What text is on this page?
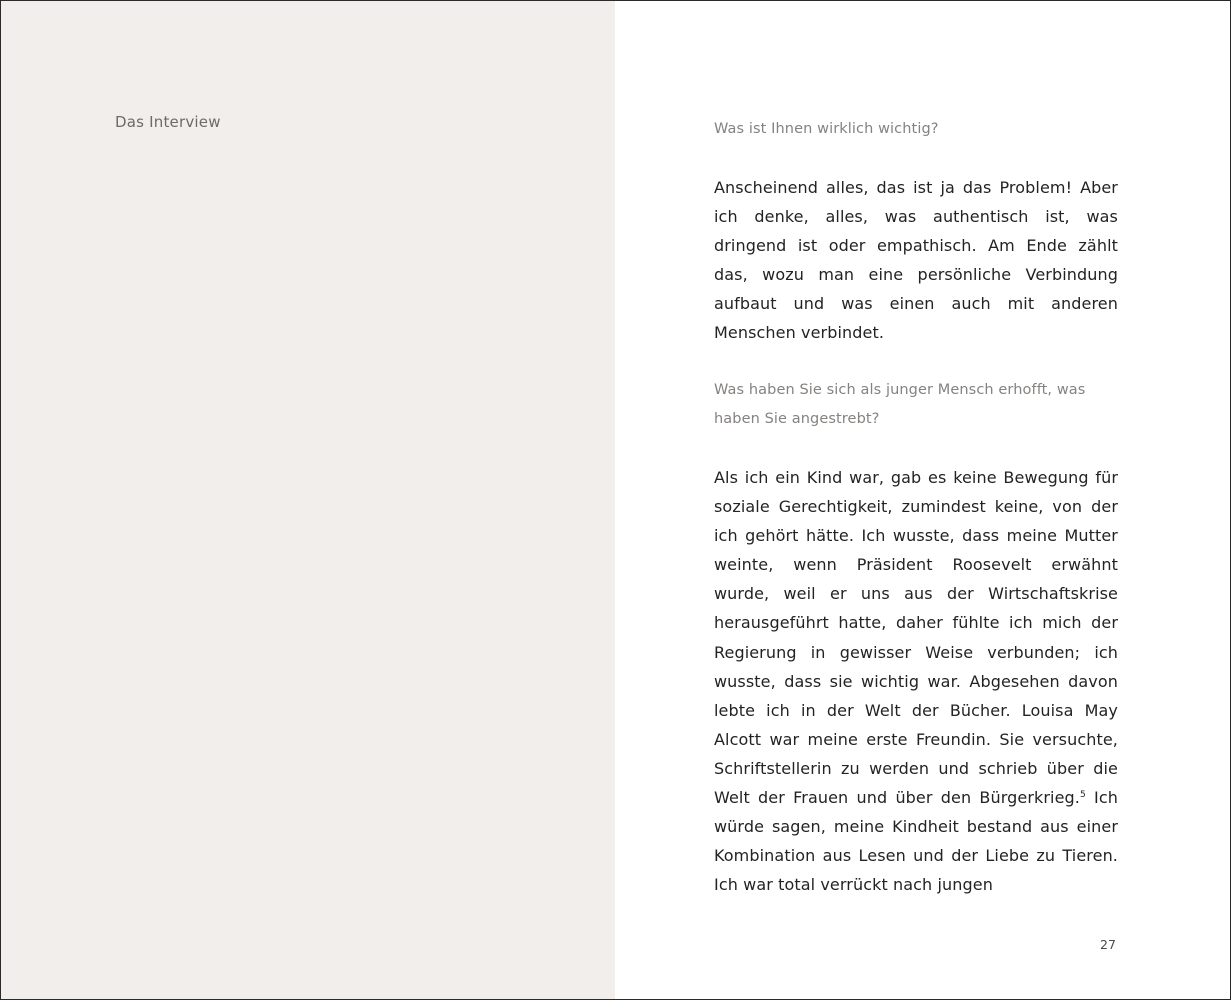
Das Interview	Was ist Ihnen wirklich wichtig?
Anscheinend alles, das ist ja das Problem! Aber ich denke, alles, was authentisch ist, was dringend ist oder empathisch. Am Ende zählt das, wozu man eine persönliche Verbindung aufbaut und was einen auch mit anderen Menschen verbindet.
Was haben Sie sich als junger Mensch erhofft, was haben Sie angestrebt?
Als ich ein Kind war, gab es keine Bewegung für soziale Gerechtigkeit, zumindest keine, von der ich gehört hätte. Ich wusste, dass meine Mutter weinte, wenn Präsident Roosevelt erwähnt wurde, weil er uns aus der Wirtschaftskrise herausgeführt hatte, daher fühlte ich mich der Regierung in gewisser Weise verbunden; ich wusste, dass sie wichtig war. Abgesehen davon lebte ich in der Welt der Bücher. Louisa May Alcott war meine erste Freundin. Sie versuchte, Schriftstellerin zu werden und schrieb über die Welt der Frauen und über den Bürgerkrieg.$^5$ Ich würde sagen, meine Kindheit bestand aus einer Kombination aus Lesen und der Liebe zu Tieren. Ich war total verrückt nach jungen
27
